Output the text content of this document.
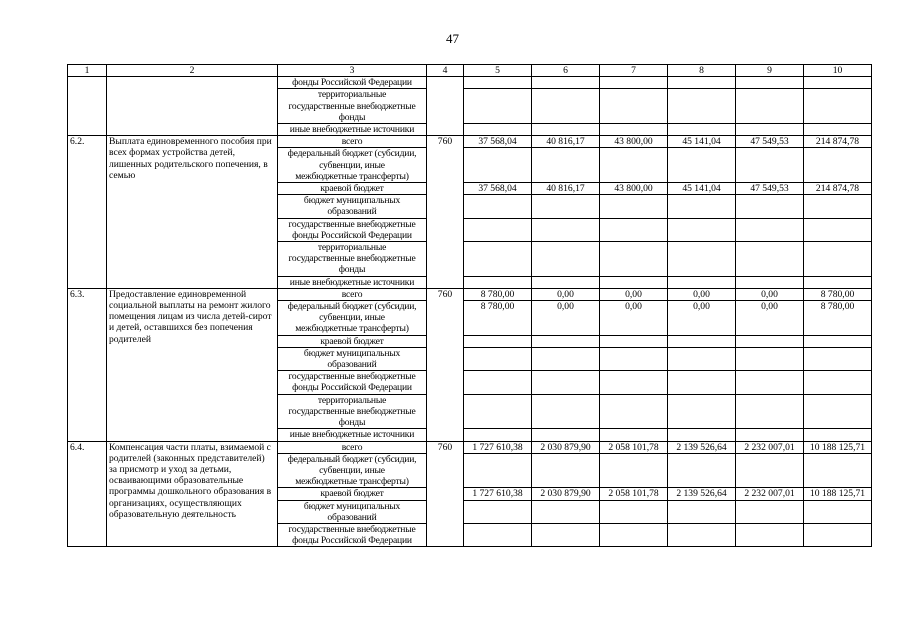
47
1	2	3	4	5	6	7	8	9	10
		фонды Российской Федерации							
		территориальные
государственные внебюджетные
фонды							
		иные внебюджетные источники							
6.2.	Выплата единовременного пособия при всех формах устройства детей, лишенных родительского попечения, в семью	всего	760	37 568,04	40 816,17	43 800,00	45 141,04	47 549,53	214 874,78
		федеральный бюджет (субсидии,
субвенции, иные
межбюджетные трансферты)							
		краевой бюджет		37 568,04	40 816,17	43 800,00	45 141,04	47 549,53	214 874,78
		бюджет муниципальных
образований							
		государственные внебюджетные
фонды Российской Федерации							
		территориальные
государственные внебюджетные
фонды							
		иные внебюджетные источники							
6.3.	Предоставление единовременной социальной выплаты на ремонт жилого помещения лицам из числа детей-сирот и детей, оставшихся без попечения родителей	всего	760	8 780,00	0,00	0,00	0,00	0,00	8 780,00
		федеральный бюджет (субсидии,
субвенции, иные
межбюджетные трансферты)		8 780,00	0,00	0,00	0,00	0,00	8 780,00
		краевой бюджет							
		бюджет муниципальных
образований							
		государственные внебюджетные
фонды Российской Федерации							
		территориальные
государственные внебюджетные
фонды							
		иные внебюджетные источники							
6.4.	Компенсация части платы, взимаемой с родителей (законных представителей) за присмотр и уход за детьми, осваивающими образовательные программы дошкольного образования в организациях, осуществляющих образовательную деятельность	всего	760	1 727 610,38	2 030 879,90	2 058 101,78	2 139 526,64	2 232 007,01	10 188 125,71
		федеральный бюджет (субсидии,
субвенции, иные
межбюджетные трансферты)							
		краевой бюджет		1 727 610,38	2 030 879,90	2 058 101,78	2 139 526,64	2 232 007,01	10 188 125,71
		бюджет муниципальных
образований							
		государственные внебюджетные
фонды Российской Федерации							
